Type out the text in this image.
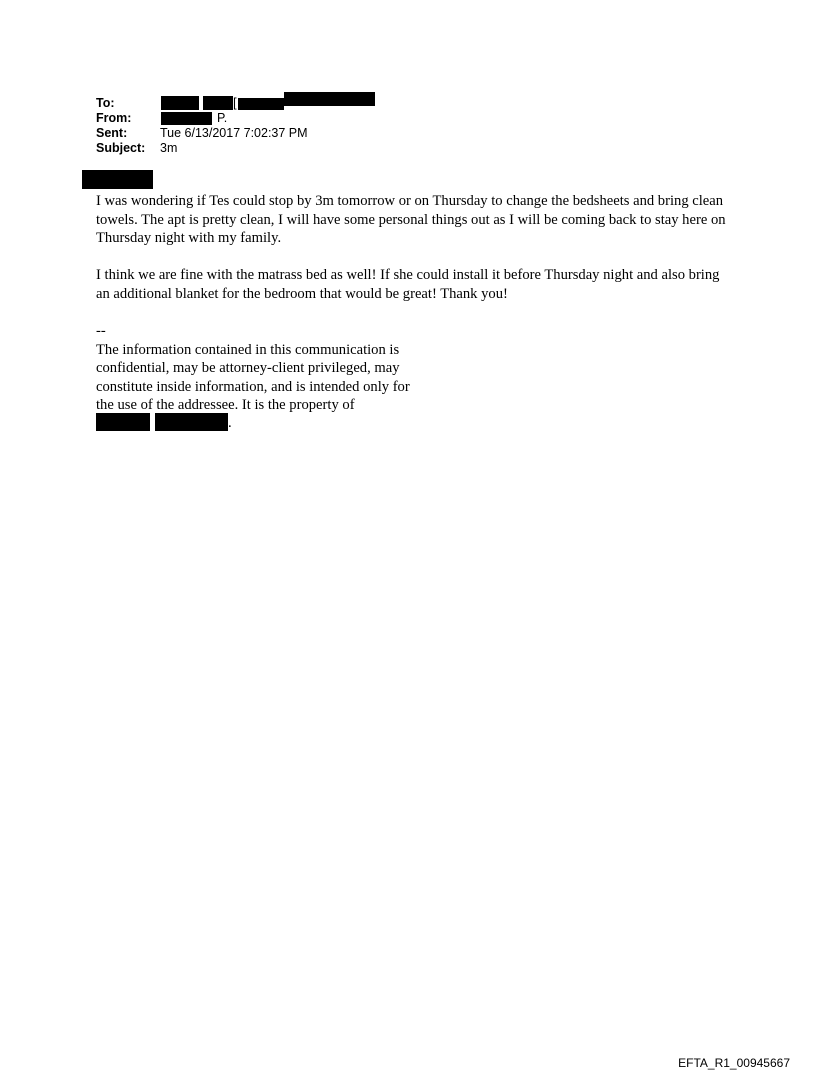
To:
From:	P.
Sent:	Tue 6/13/2017 7:02:37 PM
Subject: 3m
[

I was wondering if Tes could stop by 3m tomorrow or on Thursday to change the bedsheets and bring clean towels. The apt is pretty clean, I will have some personal things out as I will be coming back to stay here on Thursday night with my family.

I think we are fine with the matrass bed as well! If she could install it before Thursday night and also bring an additional blanket for the bedroom that would be great! Thank you!

--
The information contained in this communication is
confidential, may be attorney-client privileged, may
constitute inside information, and is intended only for
the use of the addressee. It is the property of
.
EFTA_R1_00945667
